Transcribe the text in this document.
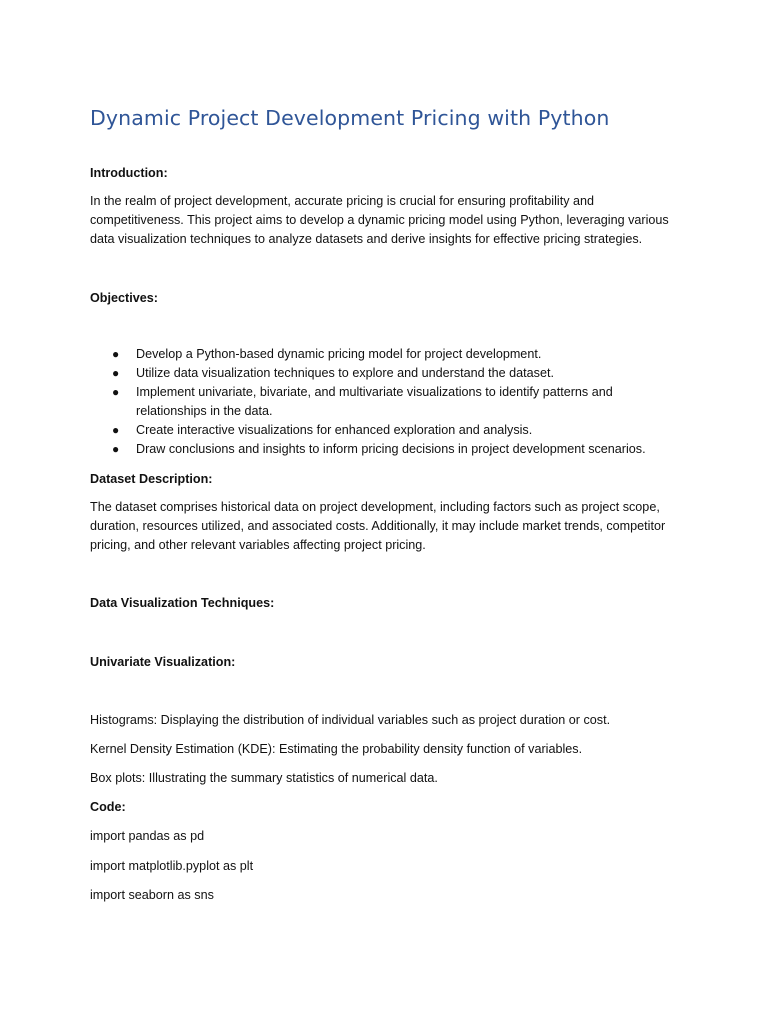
Dynamic Project Development Pricing with Python
Introduction:
In the realm of project development, accurate pricing is crucial for ensuring profitability and
competitiveness. This project aims to develop a dynamic pricing model using Python, leveraging various
data visualization techniques to analyze datasets and derive insights for effective pricing strategies.
Objectives:
● Develop a Python-based dynamic pricing model for project development.
● Utilize data visualization techniques to explore and understand the dataset.
● Implement univariate, bivariate, and multivariate visualizations to identify patterns and
relationships in the data.
● Create interactive visualizations for enhanced exploration and analysis.
● Draw conclusions and insights to inform pricing decisions in project development scenarios.
Dataset Description:
The dataset comprises historical data on project development, including factors such as project scope,
duration, resources utilized, and associated costs. Additionally, it may include market trends, competitor
pricing, and other relevant variables affecting project pricing.
Data Visualization Techniques:
Univariate Visualization:
Histograms: Displaying the distribution of individual variables such as project duration or cost.
Kernel Density Estimation (KDE): Estimating the probability density function of variables.
Box plots: Illustrating the summary statistics of numerical data.
Code:
import pandas as pd
import matplotlib.pyplot as plt
import seaborn as sns
